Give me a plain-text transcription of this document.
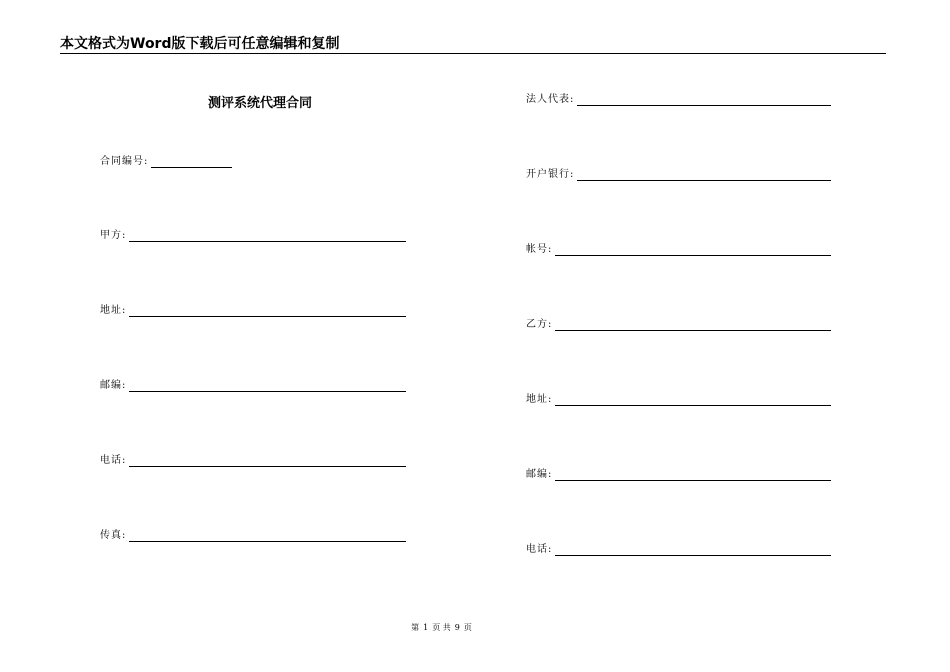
本文格式为Word版下载后可任意编辑和复制
测评系统代理合同
合同编号 :
甲方 :
地址 :
邮编 :
电话 :
传真 :
法人代表 :
开户银行 :
帐号 :
乙方 :
地址 :
邮编 :
电话 :
第 1 页 共 9 页
